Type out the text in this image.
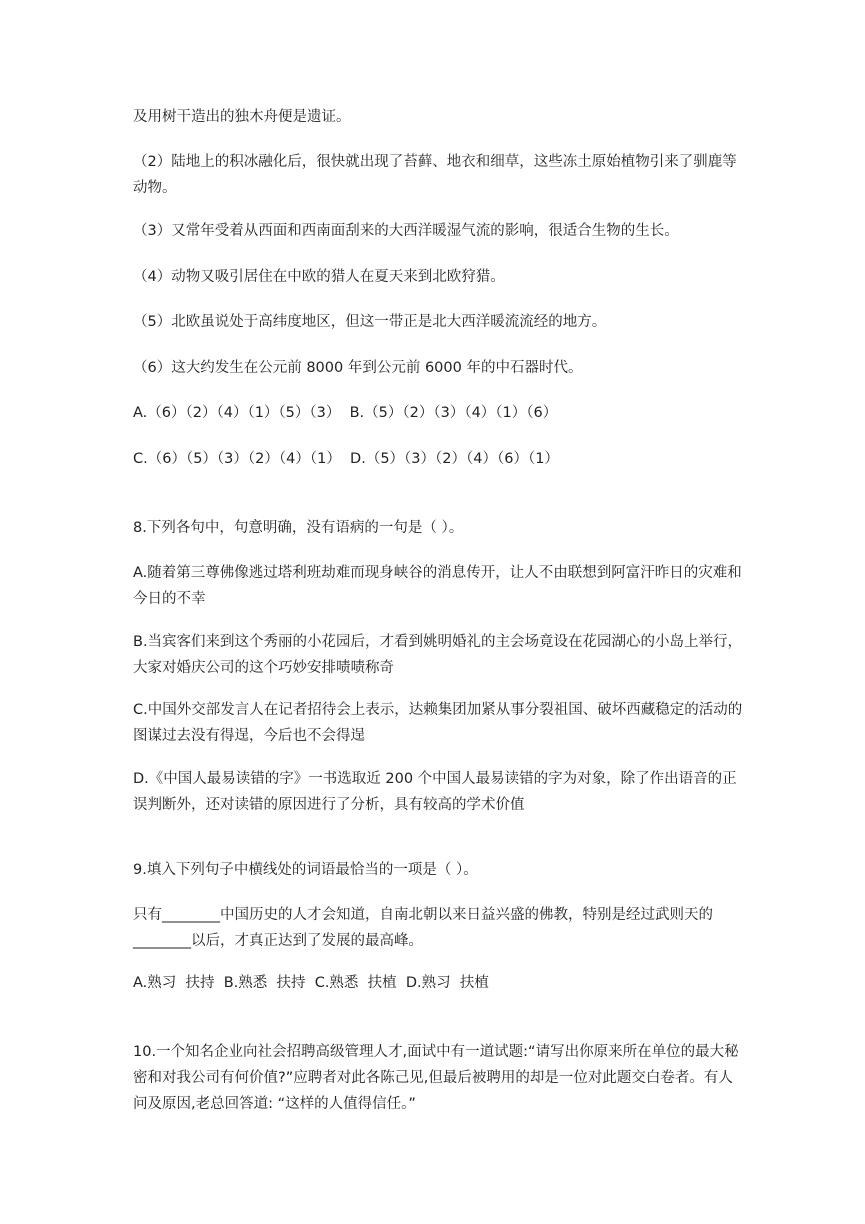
及用树干造出的独木舟便是遗证。

（2）陆地上的积冰融化后，很快就出现了苔藓、地衣和细草，这些冻土原始植物引来了驯鹿等动物。

（3）又常年受着从西面和西南面刮来的大西洋暖湿气流的影响，很适合生物的生长。

（4）动物又吸引居住在中欧的猎人在夏天来到北欧狩猎。

（5）北欧虽说处于高纬度地区，但这一带正是北大西洋暖流流经的地方。

（6）这大约发生在公元前 8000 年到公元前 6000 年的中石器时代。

A.（6）（2）（4）（1）（5）（3）  B.（5）（2）（3）（4）（1）（6）

C.（6）（5）（3）（2）（4）（1）  D.（5）（3）（2）（4）（6）（1）

8.下列各句中，句意明确，没有语病的一句是（ ）。

A.随着第三尊佛像逃过塔利班劫难而现身峡谷的消息传开，让人不由联想到阿富汗昨日的灾难和今日的不幸

B.当宾客们来到这个秀丽的小花园后，才看到姚明婚礼的主会场竟设在花园湖心的小岛上举行，大家对婚庆公司的这个巧妙安排啧啧称奇

C.中国外交部发言人在记者招待会上表示，达赖集团加紧从事分裂祖国、破坏西藏稳定的活动的图谋过去没有得逞，今后也不会得逞

D.《中国人最易读错的字》一书选取近 200 个中国人最易读错的字为对象，除了作出语音的正误判断外，还对读错的原因进行了分析，具有较高的学术价值

9.填入下列句子中横线处的词语最恰当的一项是（ ）。

只有________中国历史的人才会知道，自南北朝以来日益兴盛的佛教，特别是经过武则天的________以后，才真正达到了发展的最高峰。

A.熟习  扶持  B.熟悉  扶持  C.熟悉  扶植  D.熟习  扶植

10.一个知名企业向社会招聘高级管理人才,面试中有一道试题:“请写出你原来所在单位的最大秘密和对我公司有何价值?”应聘者对此各陈己见,但最后被聘用的却是一位对此题交白卷者。有人问及原因,老总回答道: “这样的人值得信任。”
